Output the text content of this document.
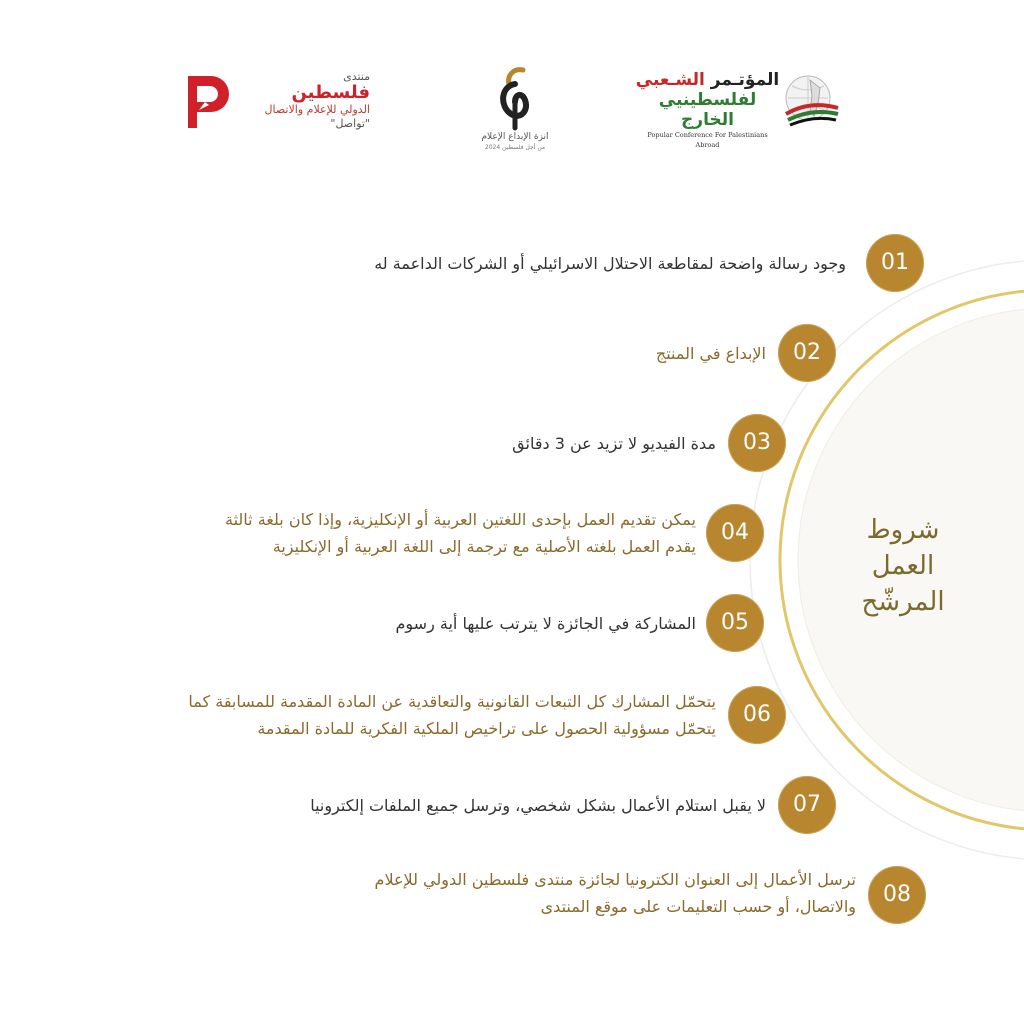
منتدى
فلسطين
الدولي للإعلام والاتصال
"تواصل"
انزة الإبداع الإعلام
من أجل فلسطين 2024
المؤتـمر الشـعبي
لفلسطينيي الخارج
Popular Conference For Palestinians Abroad
شروط
العمل
المرشّح
01
وجود رسالة واضحة لمقاطعة الاحتلال الاسرائيلي أو الشركات الداعمة له
02
الإبداع في المنتج
03
مدة الفيديو لا تزيد عن 3 دقائق
04
يمكن تقديم العمل بإحدى اللغتين العربية أو الإنكليزية، وإذا كان بلغة ثالثة
يقدم العمل بلغته الأصلية مع ترجمة إلى اللغة العربية أو الإنكليزية
05
المشاركة في الجائزة لا يترتب عليها أية رسوم
06
يتحمّل المشارك كل التبعات القانونية والتعاقدية عن المادة المقدمة للمسابقة كما
يتحمّل مسؤولية الحصول على تراخيص الملكية الفكرية للمادة المقدمة
07
لا يقبل استلام الأعمال بشكل شخصي، وترسل جميع الملفات إلكترونيا
08
ترسل الأعمال إلى العنوان الكترونيا لجائزة منتدى فلسطين الدولي للإعلام
والاتصال، أو حسب التعليمات على موقع المنتدى
